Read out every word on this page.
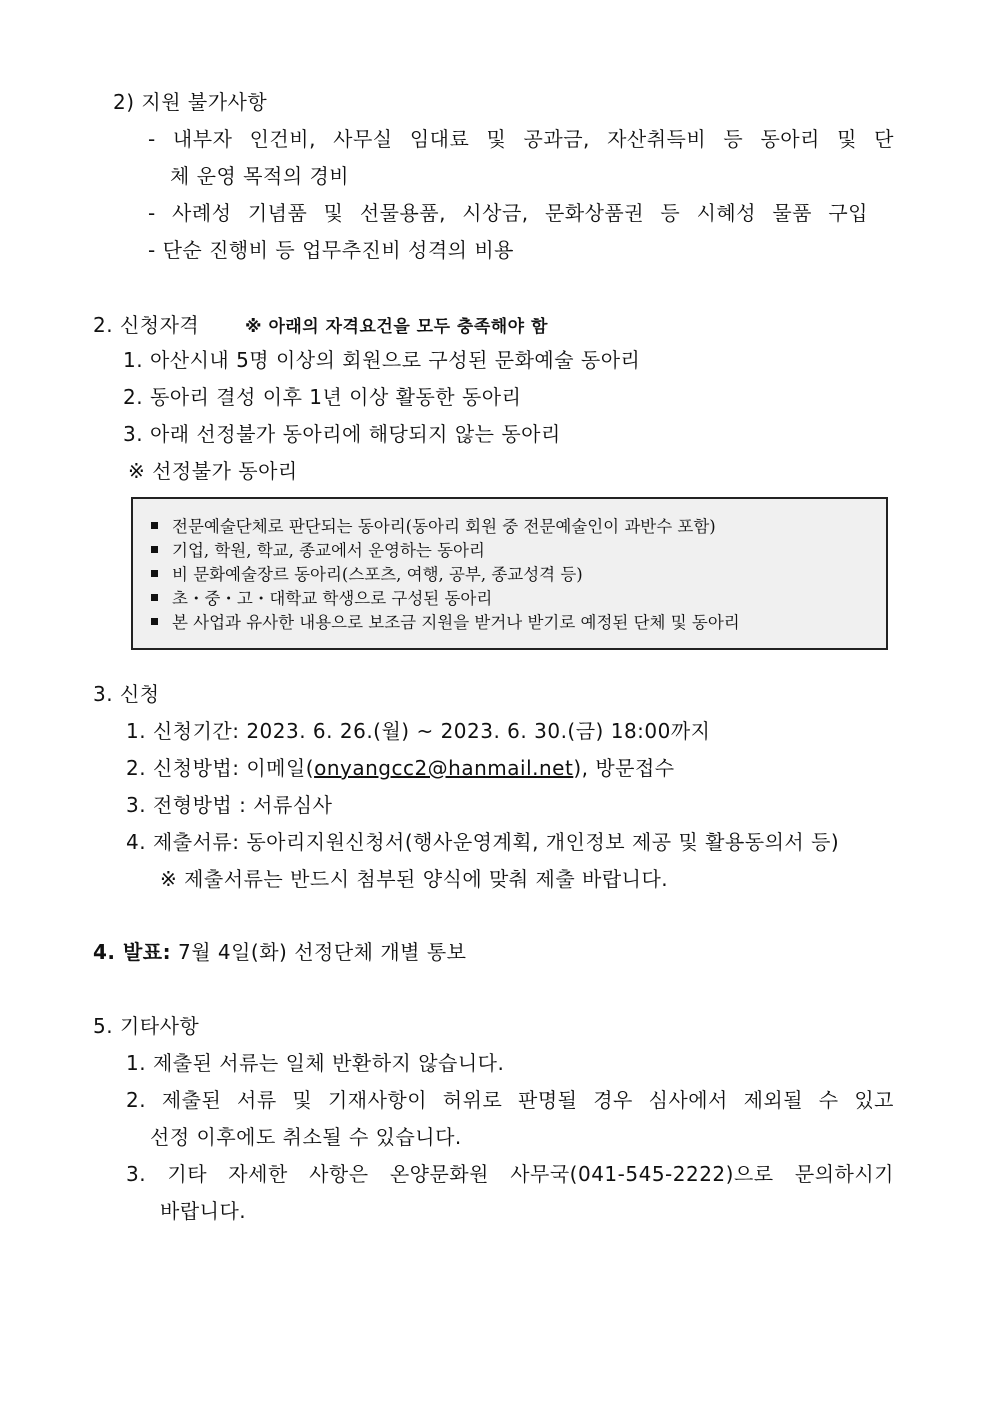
2) 지원 불가사항
- 내부자 인건비, 사무실 임대료 및 공과금, 자산취득비 등 동아리 및 단
체 운영 목적의 경비
- 사례성 기념품 및 선물용품, 시상금, 문화상품권 등 시혜성 물품 구입
- 단순 진행비 등 업무추진비 성격의 비용
2. 신청자격	※ 아래의 자격요건을 모두 충족해야 함
1. 아산시내 5명 이상의 회원으로 구성된 문화예술 동아리
2. 동아리 결성 이후 1년 이상 활동한 동아리
3. 아래 선정불가 동아리에 해당되지 않는 동아리
※ 선정불가 동아리
전문예술단체로 판단되는 동아리(동아리 회원 중 전문예술인이 과반수 포함)
기업, 학원, 학교, 종교에서 운영하는 동아리
비 문화예술장르 동아리(스포츠, 여행, 공부, 종교성격 등)
초・중・고・대학교 학생으로 구성된 동아리
본 사업과 유사한 내용으로 보조금 지원을 받거나 받기로 예정된 단체 및 동아리
3. 신청
1. 신청기간: 2023. 6. 26.(월) ~ 2023. 6. 30.(금) 18:00까지
2. 신청방법: 이메일(onyangcc2@hanmail.net), 방문접수
3. 전형방법 : 서류심사
4. 제출서류: 동아리지원신청서(행사운영계획, 개인정보 제공 및 활용동의서 등)
※ 제출서류는 반드시 첨부된 양식에 맞춰 제출 바랍니다.
4. 발표: 7월 4일(화) 선정단체 개별 통보
5. 기타사항
1. 제출된 서류는 일체 반환하지 않습니다.
2. 제출된 서류 및 기재사항이 허위로 판명될 경우 심사에서 제외될 수 있고
선정 이후에도 취소될 수 있습니다.
3. 기타 자세한 사항은 온양문화원 사무국(041-545-2222)으로 문의하시기
바랍니다.
